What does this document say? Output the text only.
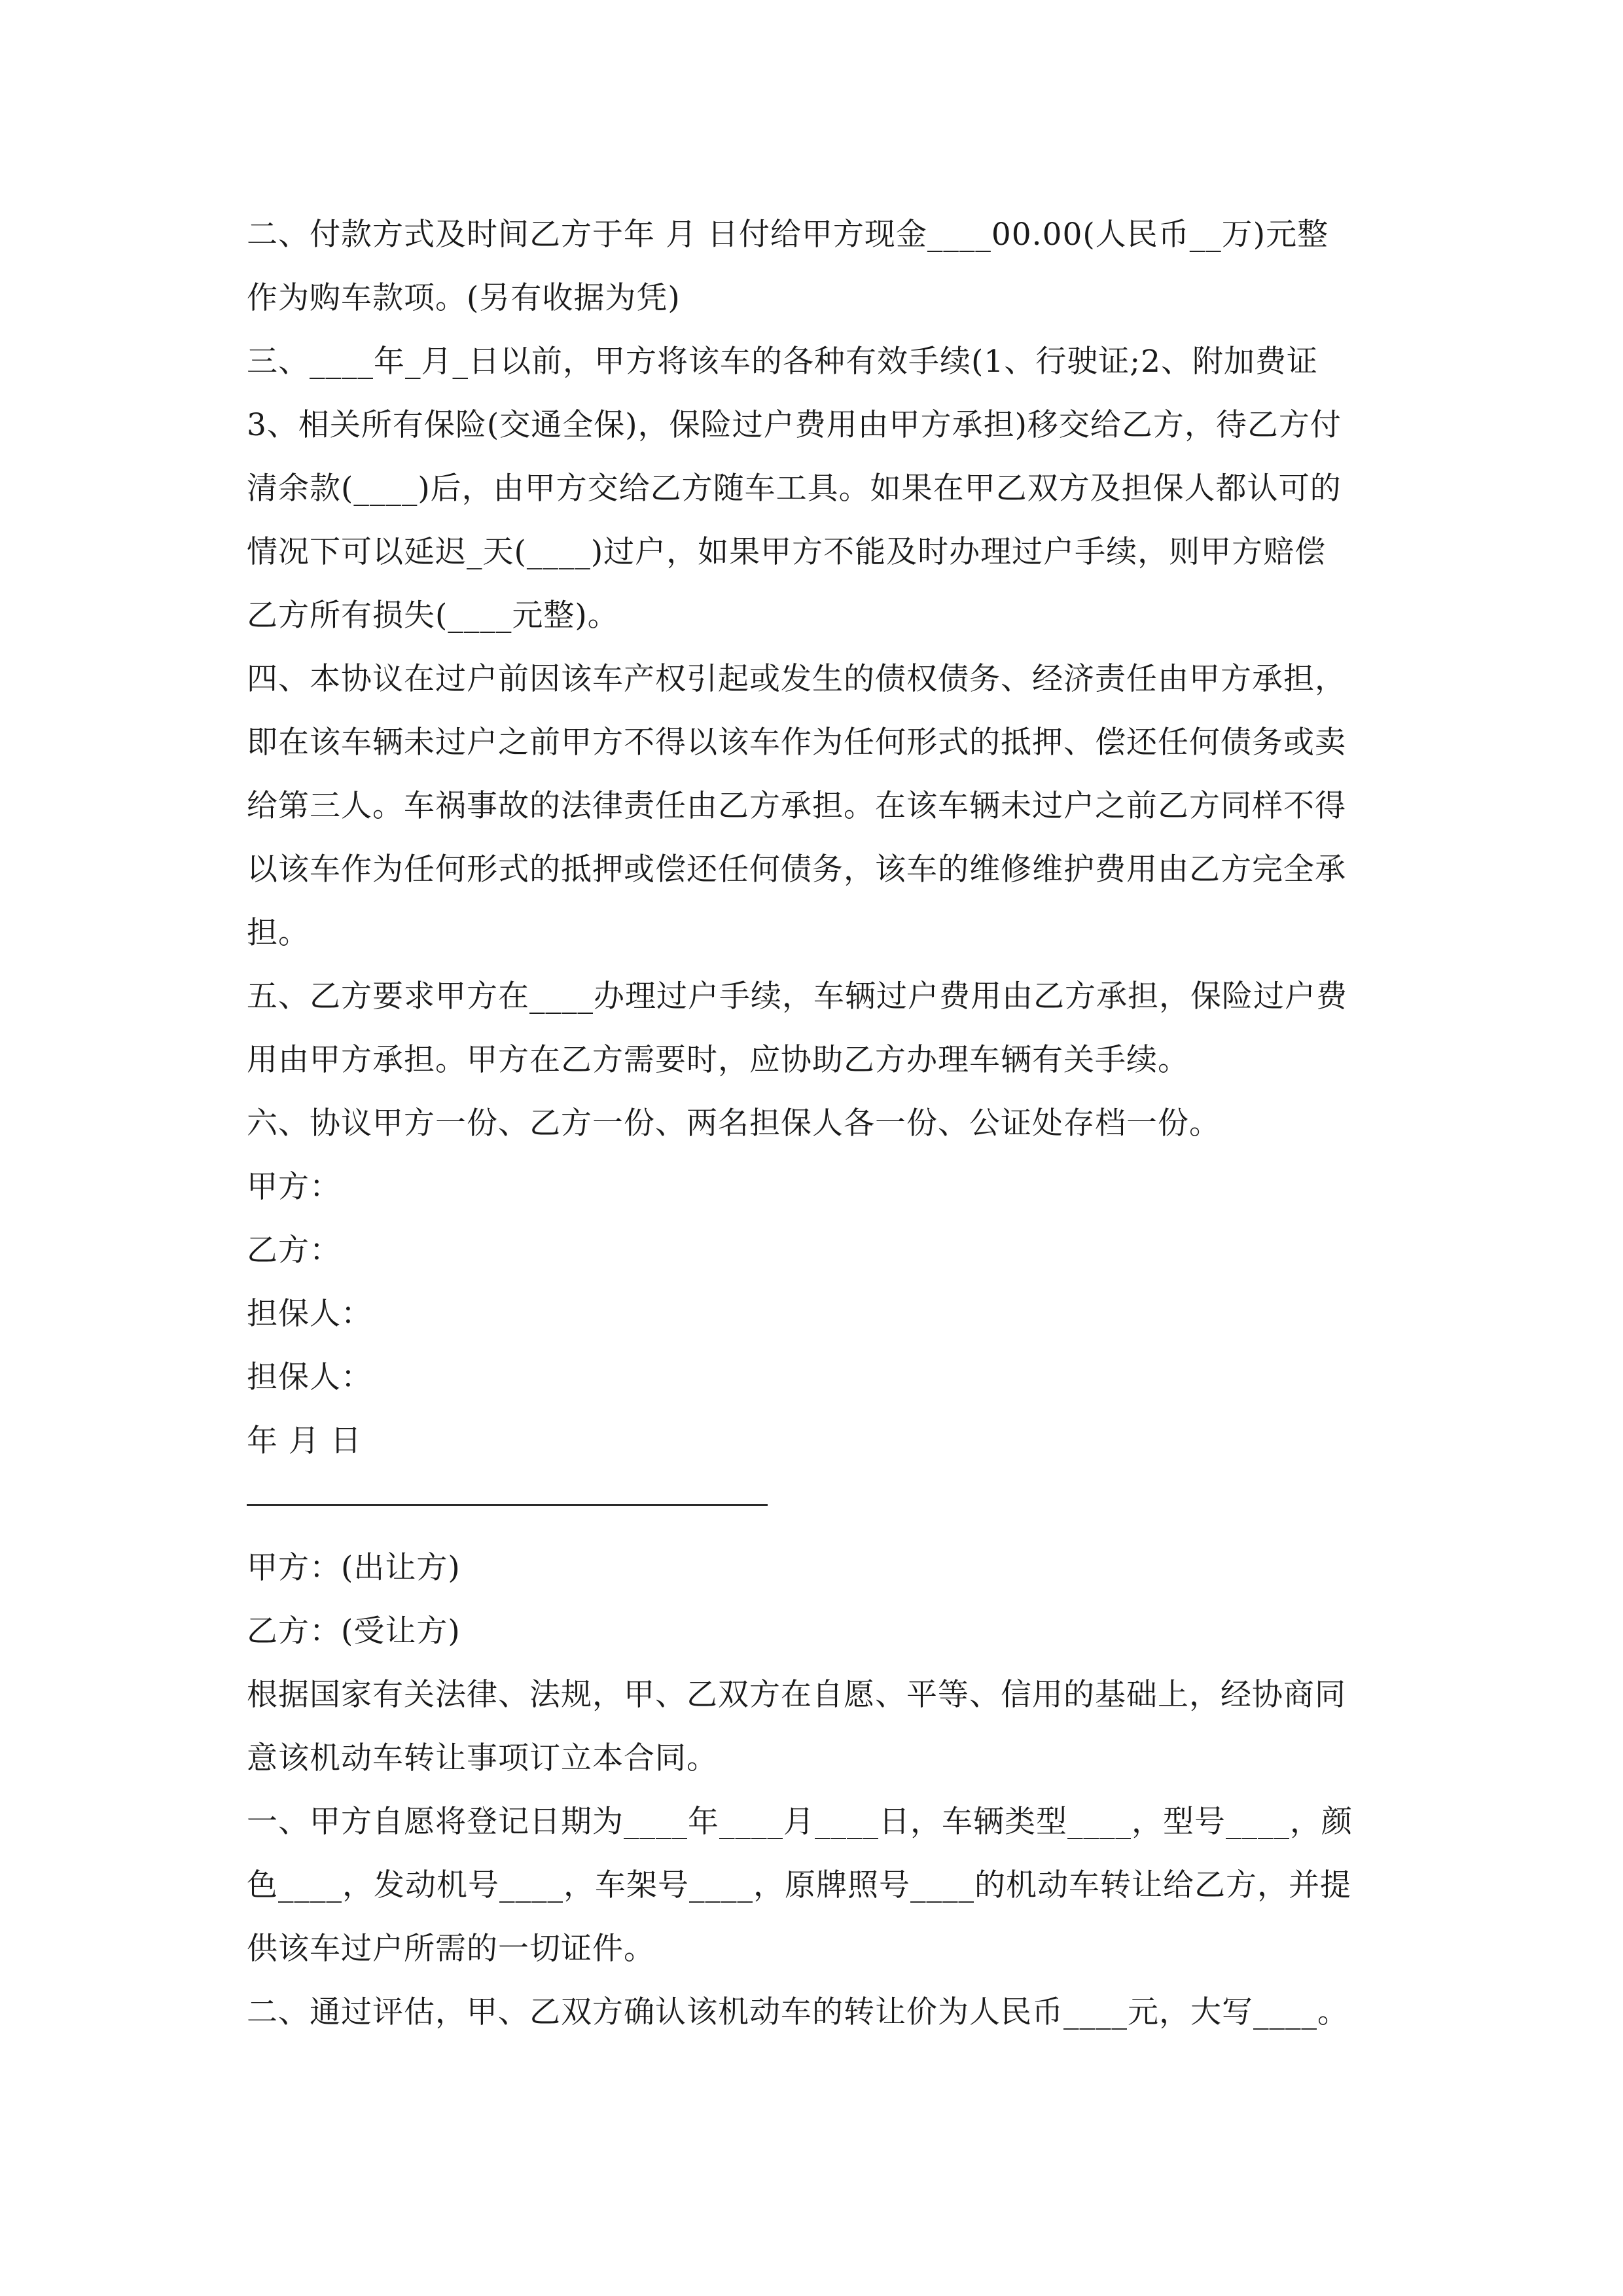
二、付款方式及时间乙方于年 月 日付给甲方现金____00.00(人民币__万)元整
作为购车款项。(另有收据为凭)
三、____年_月_日以前，甲方将该车的各种有效手续(1、行驶证;2、附加费证
3、相关所有保险(交通全保)，保险过户费用由甲方承担)移交给乙方，待乙方付
清余款(____)后，由甲方交给乙方随车工具。如果在甲乙双方及担保人都认可的
情况下可以延迟_天(____)过户，如果甲方不能及时办理过户手续，则甲方赔偿
乙方所有损失(____元整)。
四、本协议在过户前因该车产权引起或发生的债权债务、经济责任由甲方承担，
即在该车辆未过户之前甲方不得以该车作为任何形式的抵押、偿还任何债务或卖
给第三人。车祸事故的法律责任由乙方承担。在该车辆未过户之前乙方同样不得
以该车作为任何形式的抵押或偿还任何债务，该车的维修维护费用由乙方完全承
担。
五、乙方要求甲方在____办理过户手续，车辆过户费用由乙方承担，保险过户费
用由甲方承担。甲方在乙方需要时，应协助乙方办理车辆有关手续。
六、协议甲方一份、乙方一份、两名担保人各一份、公证处存档一份。
甲方：
乙方：
担保人：
担保人：
年 月 日
甲方：(出让方)
乙方：(受让方)
根据国家有关法律、法规，甲、乙双方在自愿、平等、信用的基础上，经协商同
意该机动车转让事项订立本合同。
一、甲方自愿将登记日期为____年____月____日，车辆类型____，型号____，颜
色____，发动机号____，车架号____，原牌照号____的机动车转让给乙方，并提
供该车过户所需的一切证件。
二、通过评估，甲、乙双方确认该机动车的转让价为人民币____元，大写____。
